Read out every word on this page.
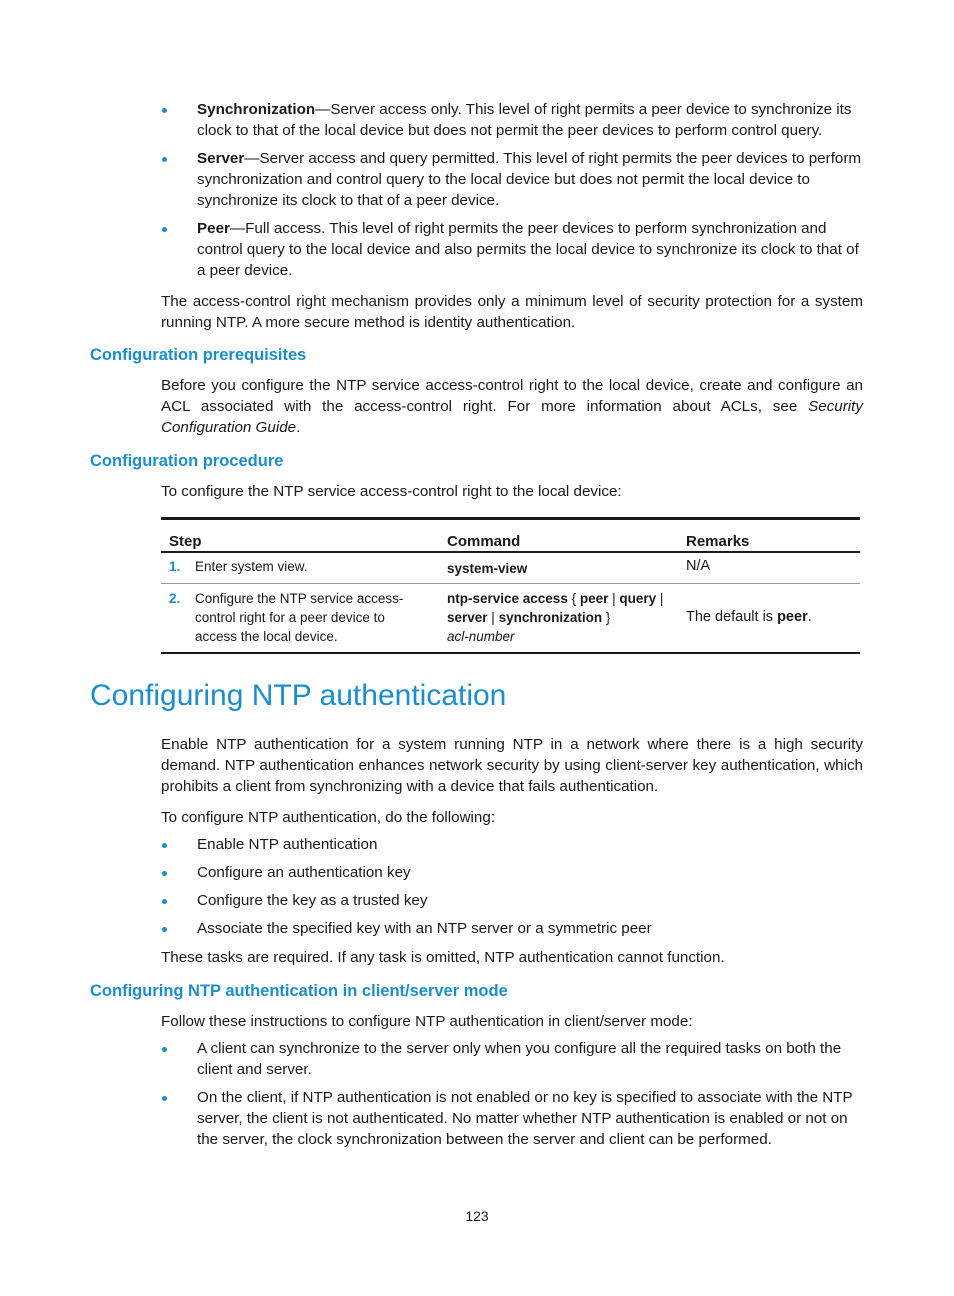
Synchronization—Server access only. This level of right permits a peer device to synchronize its clock to that of the local device but does not permit the peer devices to perform control query.
Server—Server access and query permitted. This level of right permits the peer devices to perform synchronization and control query to the local device but does not permit the local device to synchronize its clock to that of a peer device.
Peer—Full access. This level of right permits the peer devices to perform synchronization and control query to the local device and also permits the local device to synchronize its clock to that of a peer device.

The access-control right mechanism provides only a minimum level of security protection for a system running NTP. A more secure method is identity authentication.

Configuration prerequisites

Before you configure the NTP service access-control right to the local device, create and configure an ACL associated with the access-control right. For more information about ACLs, see Security Configuration Guide.

Configuration procedure

To configure the NTP service access-control right to the local device:

Step	Command	Remarks
1. Enter system view.	system-view	N/A
2. Configure the NTP service access-control right for a peer device to access the local device.	ntp-service access { peer | query |
server | synchronization }
acl-number	The default is peer.
Configuring NTP authentication

Enable NTP authentication for a system running NTP in a network where there is a high security demand. NTP authentication enhances network security by using client-server key authentication, which prohibits a client from synchronizing with a device that fails authentication.

To configure NTP authentication, do the following:

Enable NTP authentication
Configure an authentication key
Configure the key as a trusted key
Associate the specified key with an NTP server or a symmetric peer

These tasks are required. If any task is omitted, NTP authentication cannot function.

Configuring NTP authentication in client/server mode

Follow these instructions to configure NTP authentication in client/server mode:

A client can synchronize to the server only when you configure all the required tasks on both the client and server.
On the client, if NTP authentication is not enabled or no key is specified to associate with the NTP server, the client is not authenticated. No matter whether NTP authentication is enabled or not on the server, the clock synchronization between the server and client can be performed.
123
